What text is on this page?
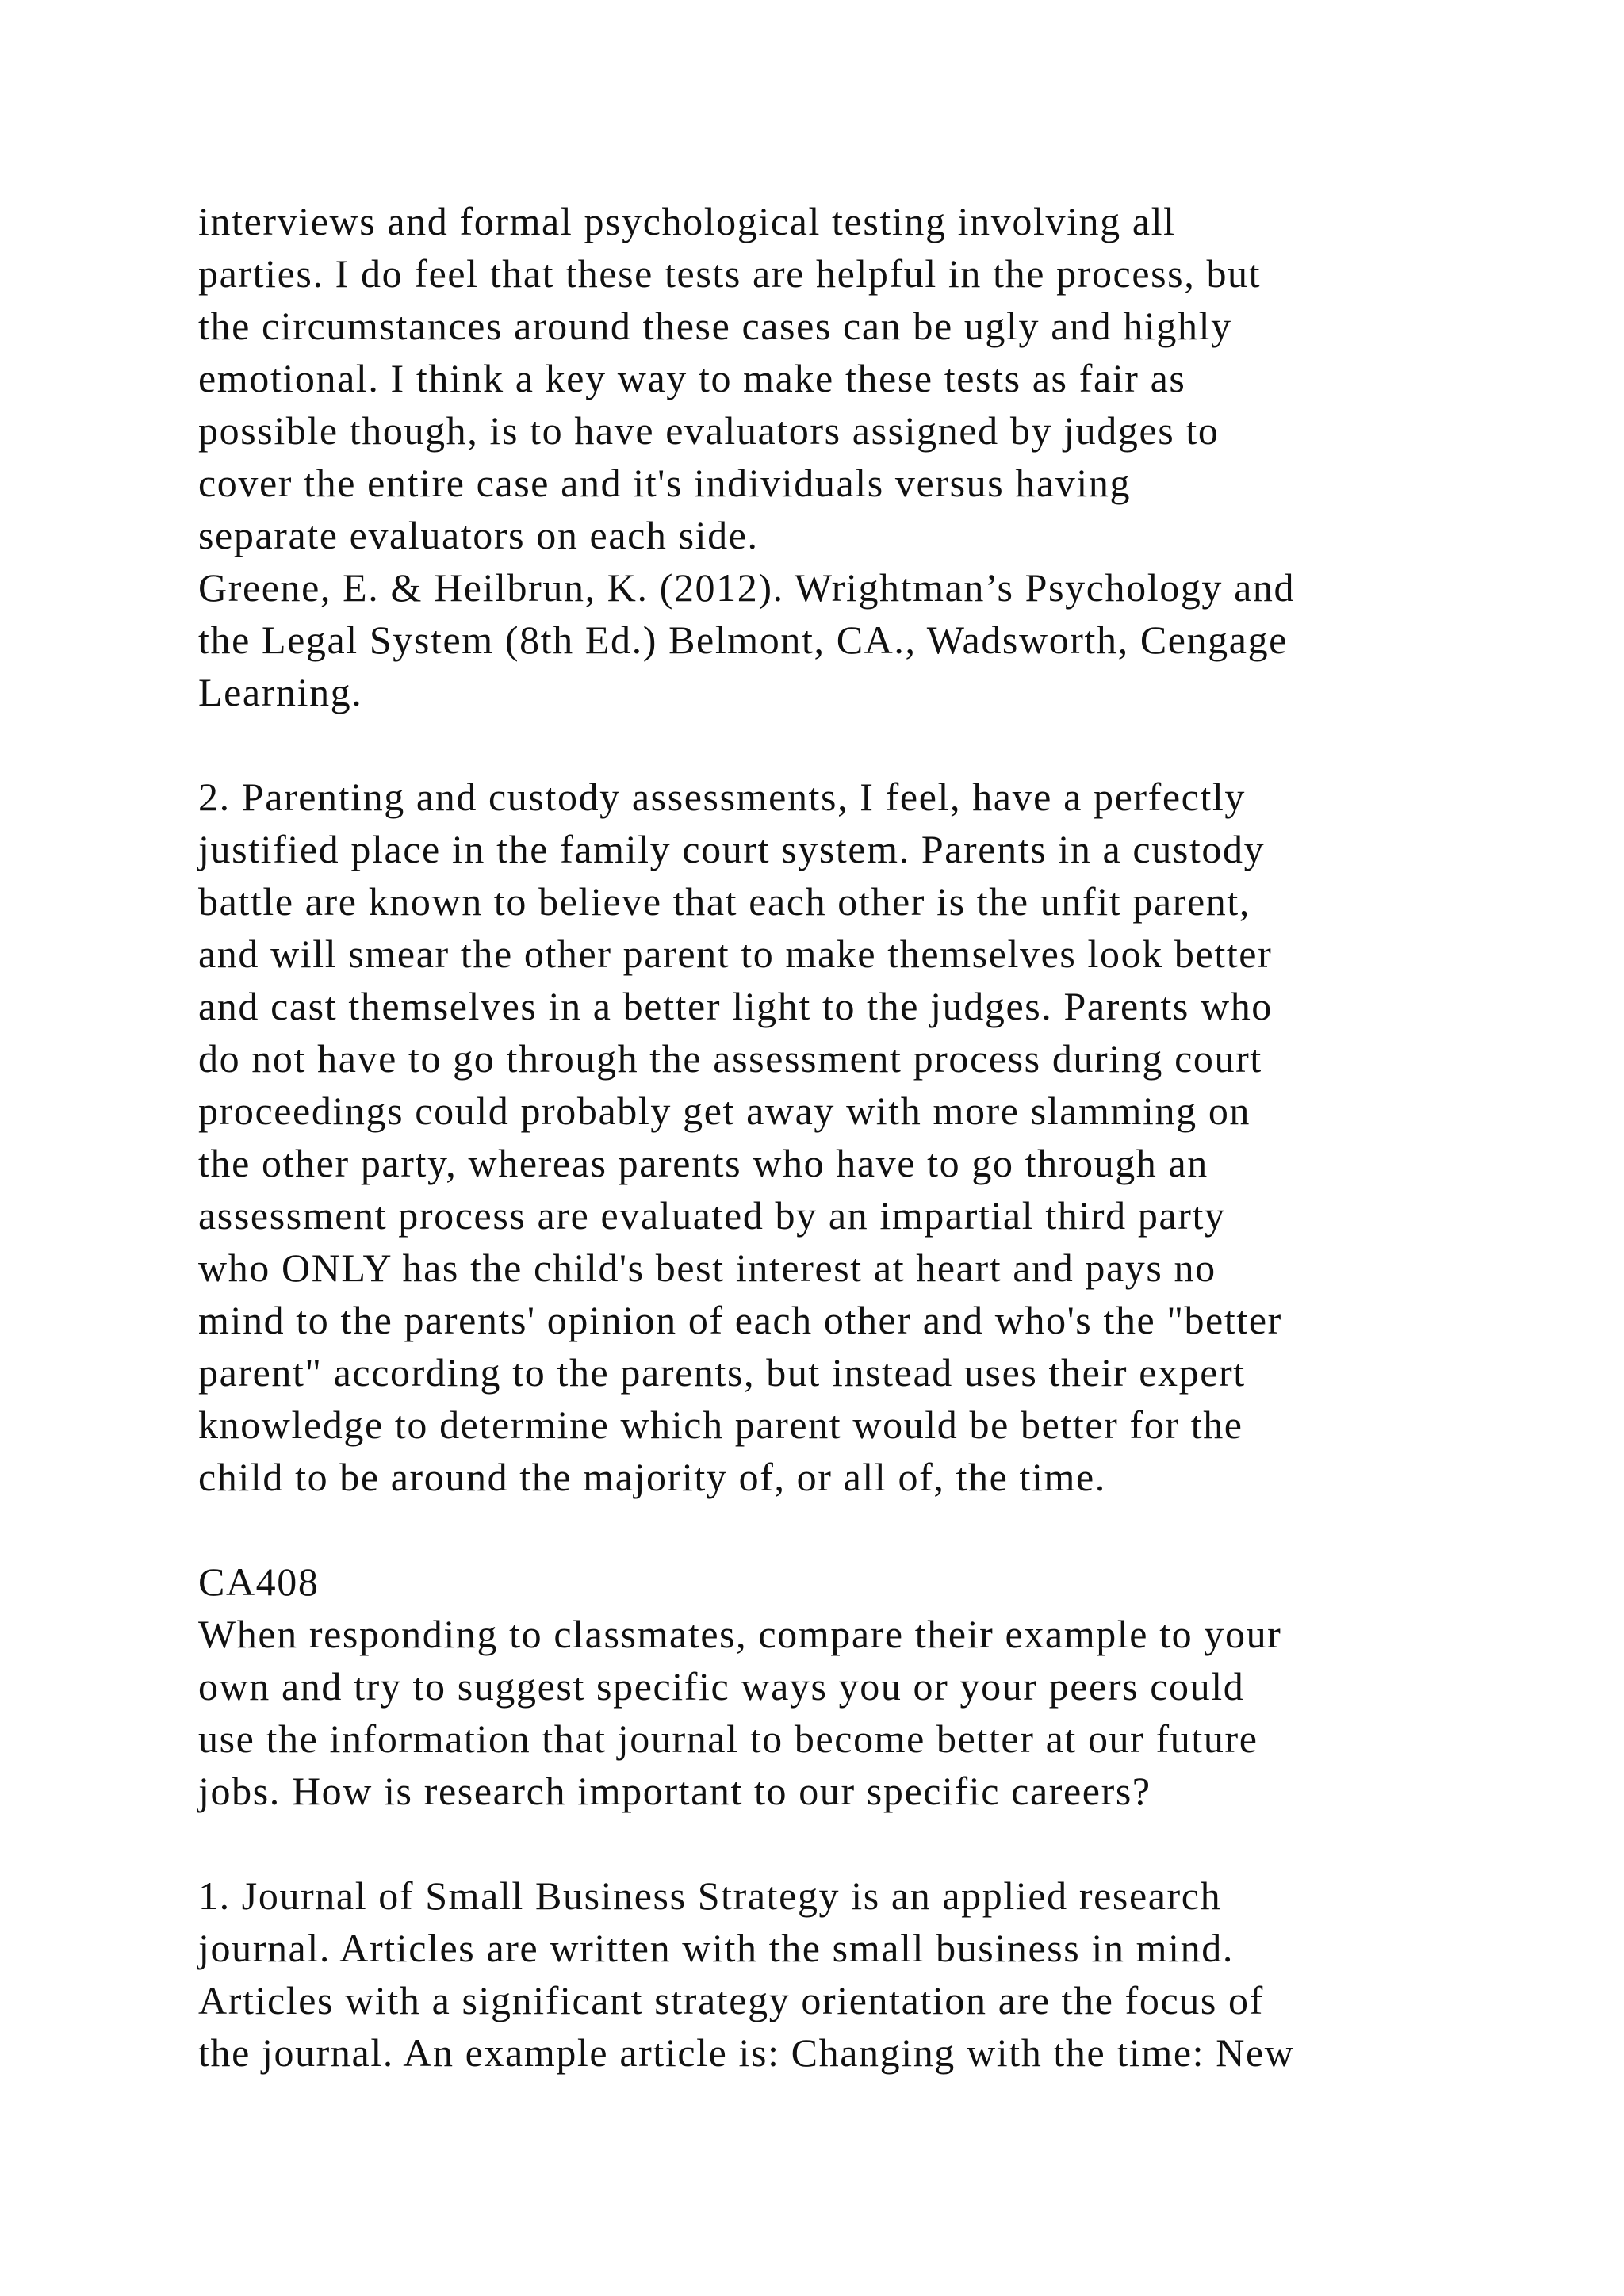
interviews and formal psychological testing involving all

parties. I do feel that these tests are helpful in the process, but

the circumstances around these cases can be ugly and highly

emotional. I think a key way to make these tests as fair as

possible though, is to have evaluators assigned by judges to

cover the entire case and it's individuals versus having

separate evaluators on each side.

Greene, E. & Heilbrun, K. (2012). Wrightman’s Psychology and

the Legal System (8th Ed.) Belmont, CA., Wadsworth, Cengage

Learning.

2. Parenting and custody assessments, I feel, have a perfectly

justified place in the family court system. Parents in a custody

battle are known to believe that each other is the unfit parent,

and will smear the other parent to make themselves look better

and cast themselves in a better light to the judges. Parents who

do not have to go through the assessment process during court

proceedings could probably get away with more slamming on

the other party, whereas parents who have to go through an

assessment process are evaluated by an impartial third party

who ONLY has the child's best interest at heart and pays no

mind to the parents' opinion of each other and who's the "better

parent" according to the parents, but instead uses their expert

knowledge to determine which parent would be better for the

child to be around the majority of, or all of, the time.

CA408

When responding to classmates, compare their example to your

own and try to suggest specific ways you or your peers could

use the information that journal to become better at our future

jobs. How is research important to our specific careers?

1. Journal of Small Business Strategy is an applied research

journal. Articles are written with the small business in mind.

Articles with a significant strategy orientation are the focus of

the journal. An example article is: Changing with the time: New
